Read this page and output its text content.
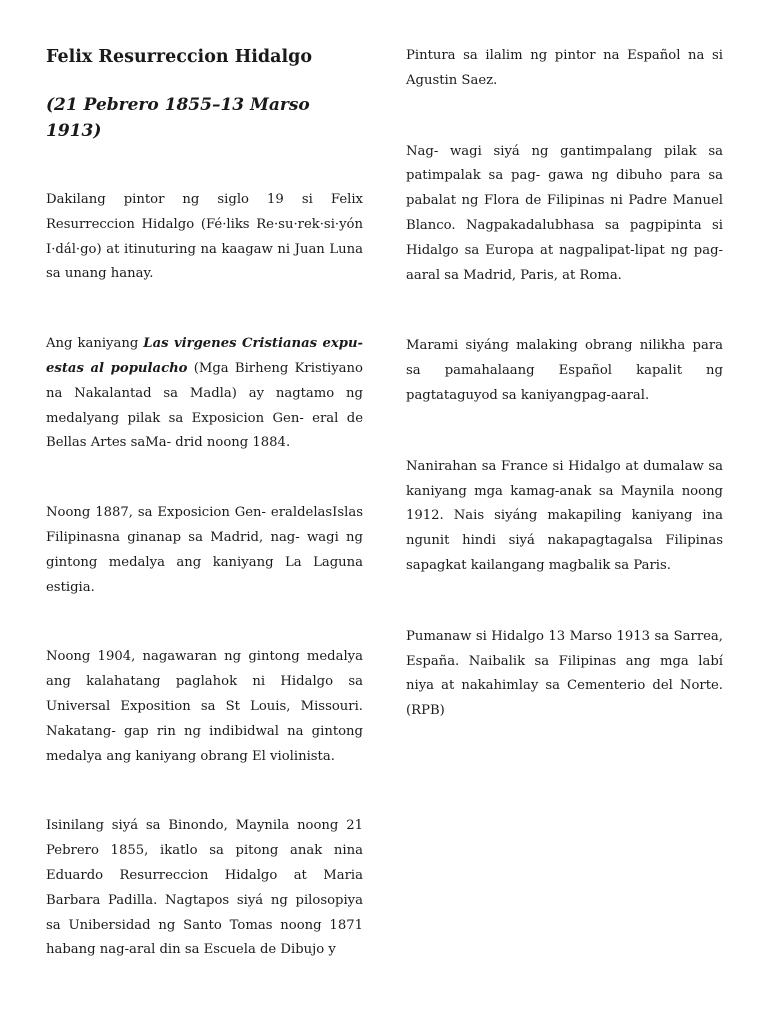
Felix Resurreccion Hidalgo
(21 Pebrero 1855–13 Marso 1913)

Dakilang pintor ng siglo 19 si Felix Resurreccion Hidalgo (Fé·liks Re·su·rek·si·yón I·dál·go) at itinuturing na kaagaw ni Juan Luna sa unang hanay.

Ang kaniyang Las virgenes Cristianas expu- estas al populacho (Mga Birheng Kristiyano na Nakalantad sa Madla) ay nagtamo ng medalyang pilak sa Exposicion Gen- eral de Bellas Artes saMa- drid noong 1884.

Noong 1887, sa Exposicion Gen- eraldelasIslas Filipinasna ginanap sa Madrid, nag- wagi ng gintong medalya ang kaniyang La Laguna estigia.

Noong 1904, nagawaran ng gintong medalya ang kalahatang paglahok ni Hidalgo sa Universal Exposition sa St Louis, Missouri. Nakatang- gap rin ng indibidwal na gintong medalya ang kaniyang obrang El violinista.

Isinilang siyá sa Binondo, Maynila noong 21 Pebrero 1855, ikatlo sa pitong anak nina Eduardo Resurreccion Hidalgo at Maria Barbara Padilla. Nagtapos siyá ng pilosopiya sa Unibersidad ng Santo Tomas noong 1871 habang nag-aral din sa Escuela de Dibujo y

Pintura sa ilalim ng pintor na Español na si Agustin Saez.

Nag- wagi siyá ng gantimpalang pilak sa patimpalak sa pag- gawa ng dibuho para sa pabalat ng Flora de Filipinas ni Padre Manuel Blanco. Nagpakadalubhasa sa pagpipinta si Hidalgo sa Europa at nagpalipat-lipat ng pag- aaral sa Madrid, Paris, at Roma.

Marami siyáng malaking obrang nilikha para sa pamahalaang Español kapalit ng pagtataguyod sa kaniyangpag-aaral.

Nanirahan sa France si Hidalgo at dumalaw sa kaniyang mga kamag-anak sa Maynila noong 1912. Nais siyáng makapiling kaniyang ina ngunit hindi siyá nakapagtagalsa Filipinas sapagkat kailangang magbalik sa Paris.

Pumanaw si Hidalgo 13 Marso 1913 sa Sarrea, España. Naibalik sa Filipinas ang mga labí niya at nakahimlay sa Cementerio del Norte.(RPB)
